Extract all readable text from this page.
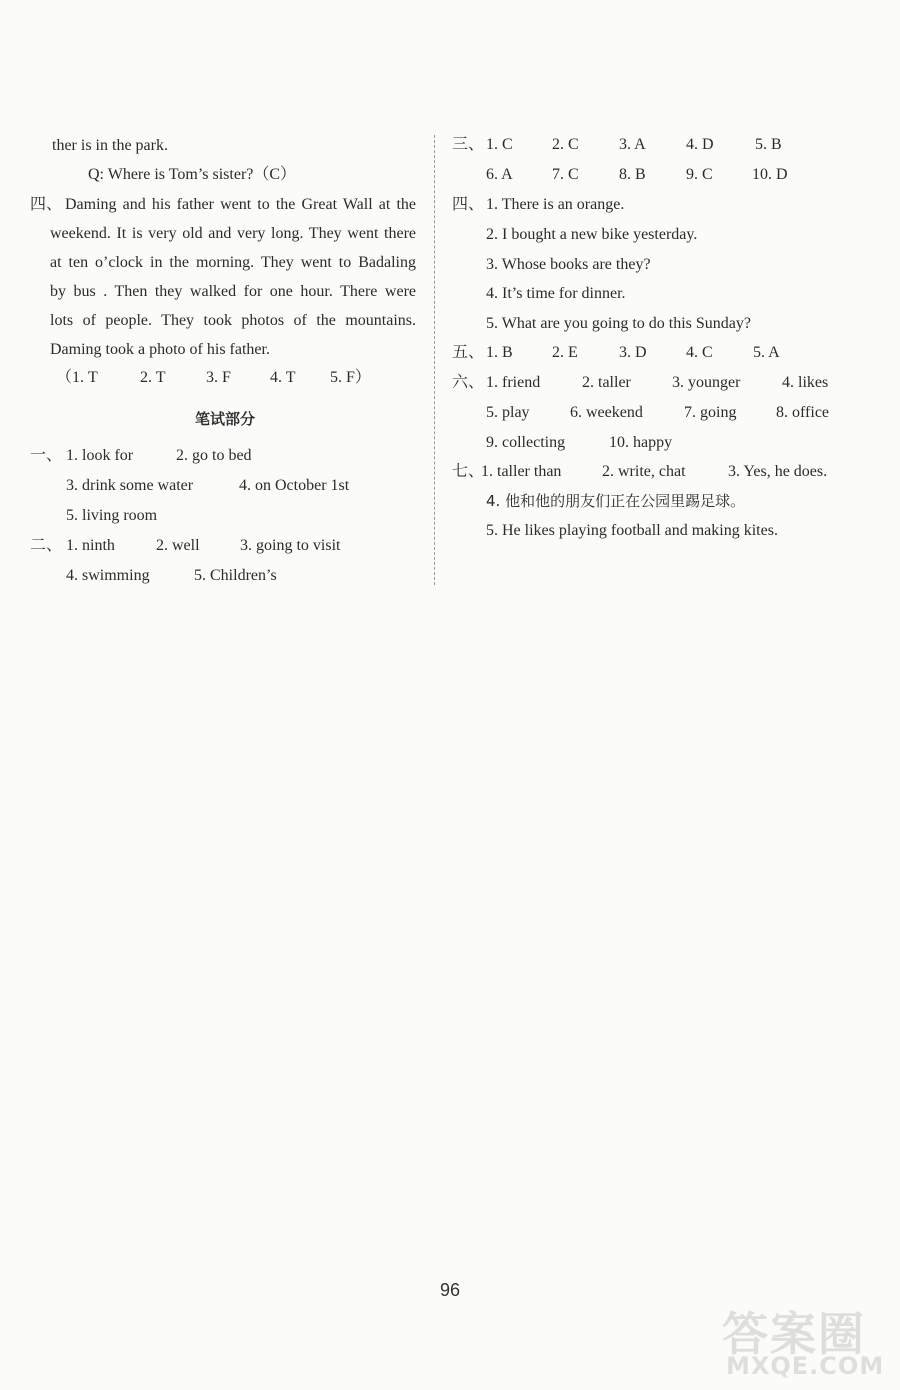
ther is in the park.
Q: Where is Tom’s sister?（C）
四、 Daming and his father went to the Great Wall at the
weekend. It is very old and very long. They went there
at ten o’clock in the morning. They went to Badaling
by bus . Then they walked for one hour. There were
lots of people. They took photos of the mountains.
Daming took a photo of his father.
（1. T	2. T	3. F 4. T 5. F）
笔试部分
一、 1. look for	2. go to bed
3. drink some water	4. on October 1st
5. living room
二、 1. ninth	2. well	3. going to visit
4. swimming	5. Children’s
三、 1. C 2. C	3. A	4. D	5. B
6. A 7. C	8. B	9. C 10. D
四、 1. There is an orange.
2. I bought a new bike yesterday.
3. Whose books are they?
4. It’s time for dinner.
5. What are you going to do this Sunday?
五、 1. B 2. E	3. D 4. C	5. A
六、 1. friend	2. taller	3. younger	4. likes
5. play	6. weekend	7. going 8. office
9. collecting	10. happy
七、
1. taller than	2. write, chat	3. Yes, he does.
4. 他和他的朋友们正在公园里踢足球。
5. He likes playing football and making kites.
96
答案圈
MXQE.COM
